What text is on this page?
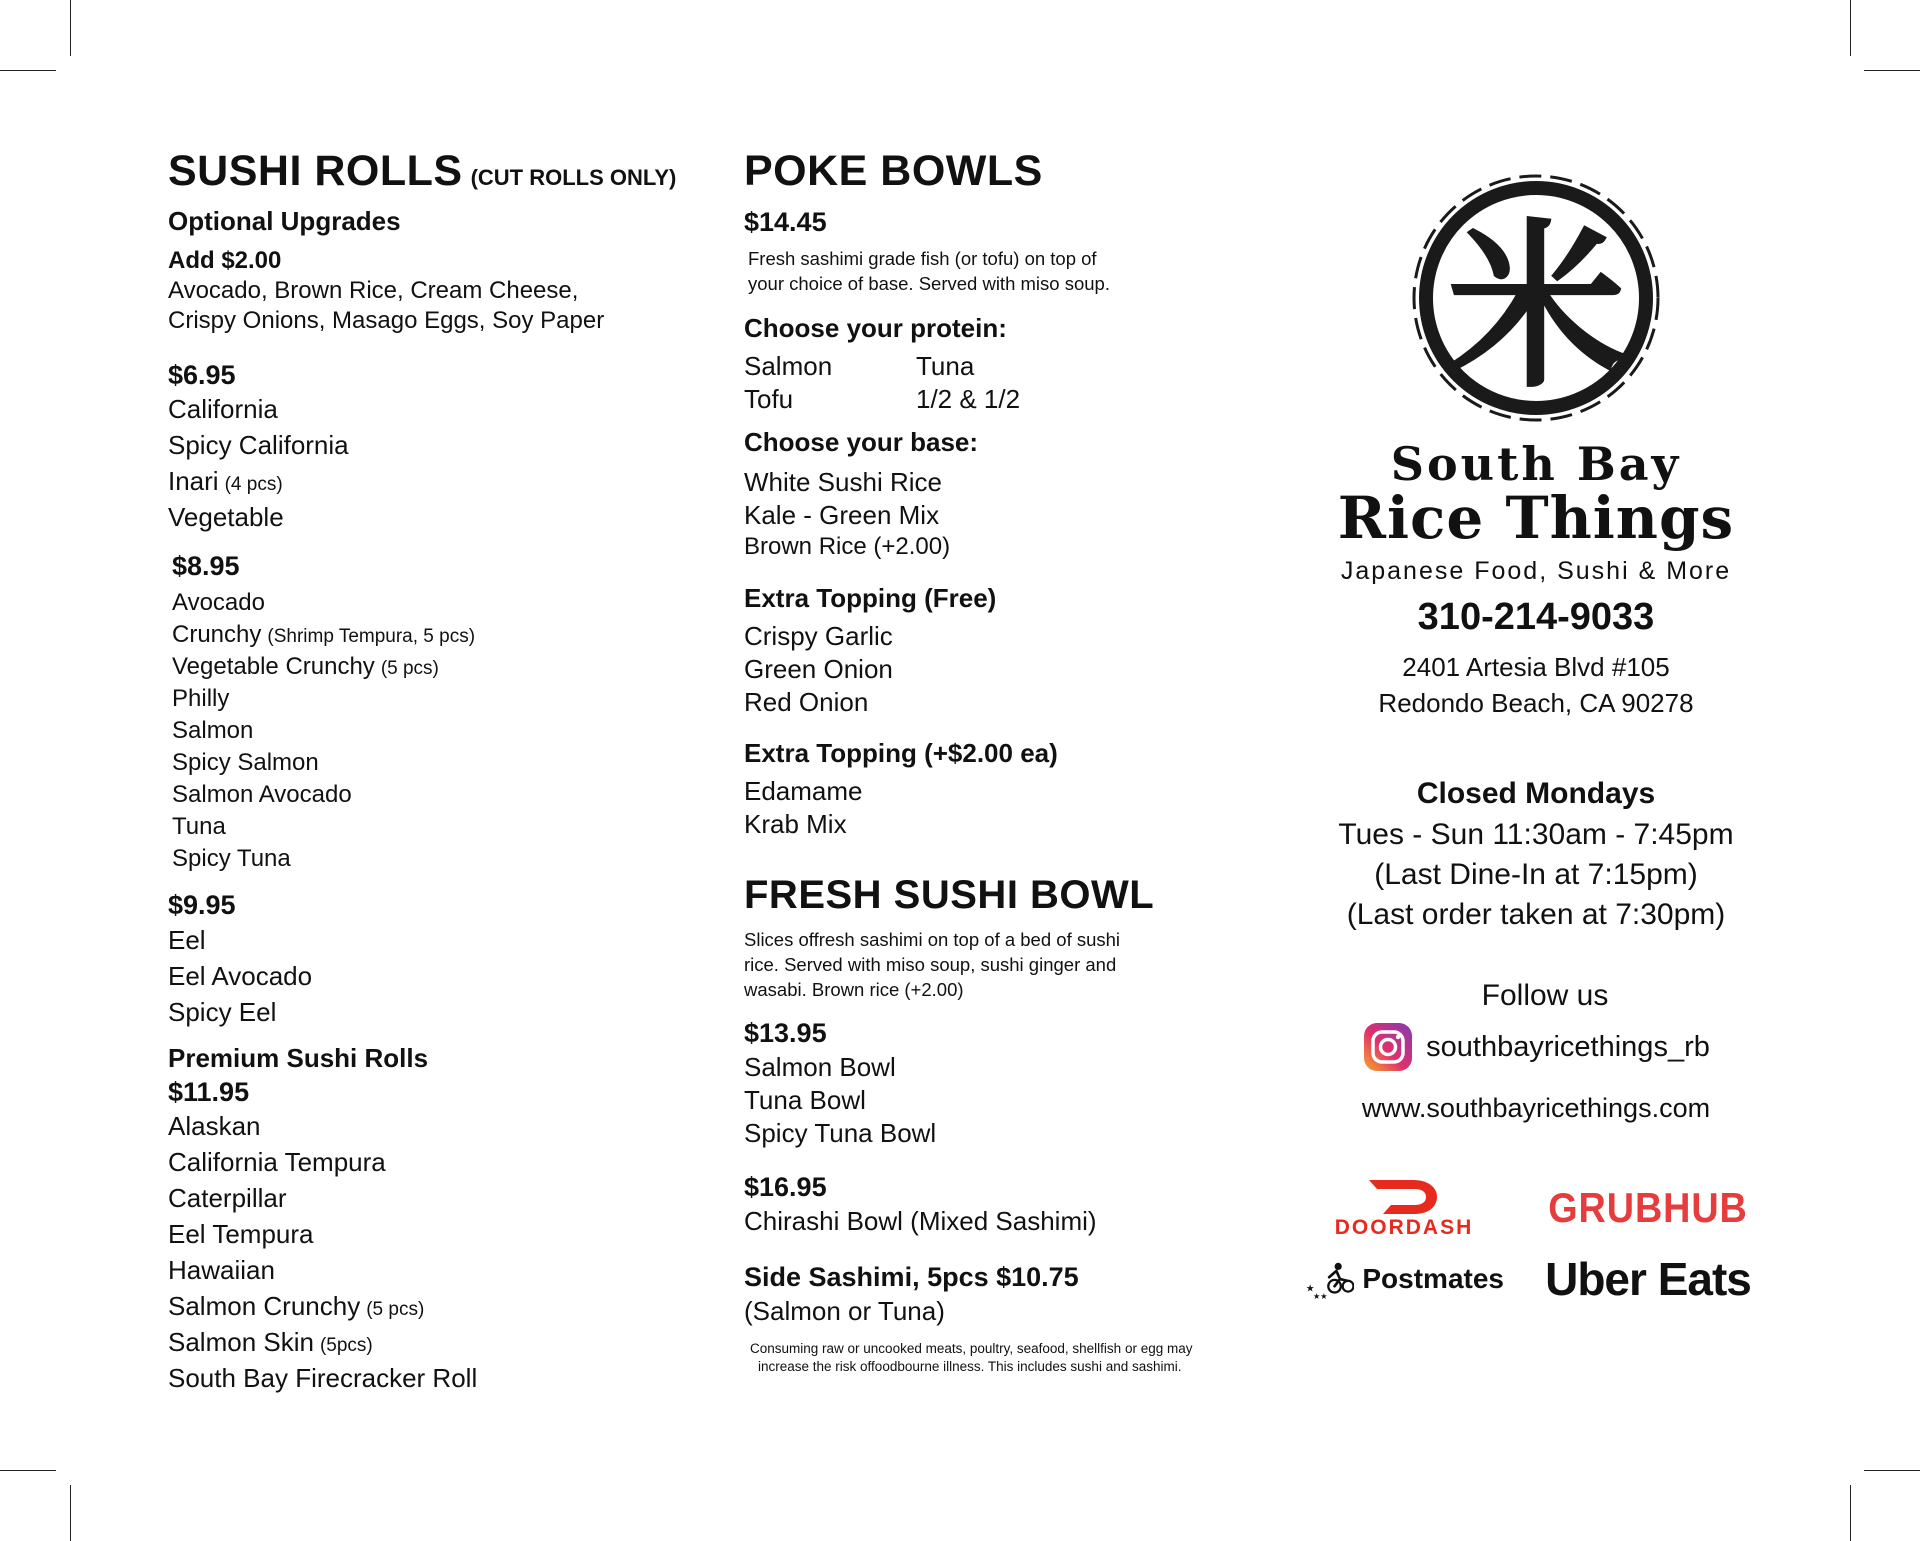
SUSHI ROLLS (CUT ROLLS ONLY)

Optional Upgrades

Add $2.00

Avocado, Brown Rice, Cream Cheese,

Crispy Onions, Masago Eggs, Soy Paper

$6.95

California

Spicy California

Inari (4 pcs)

Vegetable

$8.95

Avocado

Crunchy (Shrimp Tempura, 5 pcs)

Vegetable Crunchy (5 pcs)

Philly

Salmon

Spicy Salmon

Salmon Avocado

Tuna

Spicy Tuna

$9.95

Eel

Eel Avocado

Spicy Eel

Premium Sushi Rolls

$11.95

Alaskan

California Tempura

Caterpillar

Eel Tempura

Hawaiian

Salmon Crunchy (5 pcs)

Salmon Skin (5pcs)

South Bay Firecracker Roll

POKE BOWLS

$14.45

Fresh sashimi grade fish (or tofu) on top of

your choice of base. Served with miso soup.

Choose your protein:

Salmon	Tuna
Tofu	1/2 & 1/2

Choose your base:

White Sushi Rice

Kale - Green Mix

Brown Rice (+2.00)

Extra Topping (Free)

Crispy Garlic

Green Onion

Red Onion

Extra Topping (+$2.00 ea)

Edamame

Krab Mix

FRESH SUSHI BOWL

Slices offresh sashimi on top of a bed of sushi

rice. Served with miso soup, sushi ginger and

wasabi. Brown rice (+2.00)

$13.95

Salmon Bowl

Tuna Bowl

Spicy Tuna Bowl

$16.95

Chirashi Bowl (Mixed Sashimi)

Side Sashimi, 5pcs $10.75

(Salmon or Tuna)

Consuming raw or uncooked meats, poultry, seafood, shellfish or egg may

increase the risk offoodbourne illness. This includes sushi and sashimi.

米

South Bay

Rice Things

Japanese Food, Sushi & More

310-214-9033

2401 Artesia Blvd #105

Redondo Beach, CA 90278

Closed Mondays

Tues - Sun 11:30am - 7:45pm

(Last Dine-In at 7:15pm)

(Last order taken at 7:30pm)

Follow us

southbayricethings_rb

www.southbayricethings.com

DOORDASH GRUBHUB
★
★★
Postmates Uber Eats
